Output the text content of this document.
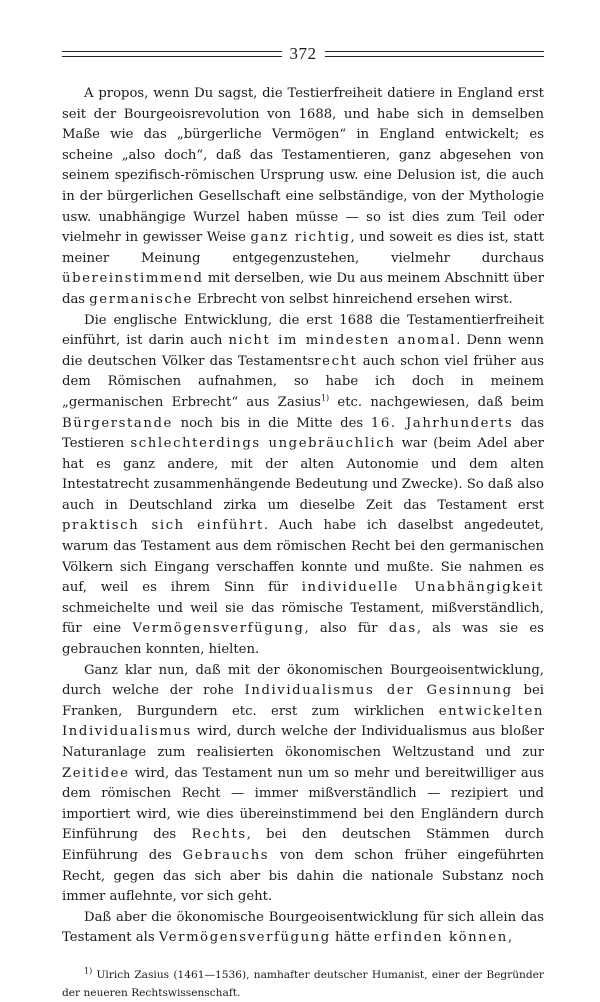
372

A propos, wenn Du sagst, die Testierfreiheit datiere in England erst seit der Bourgeoisrevolution von 1688, und habe sich in demselben Maße wie das „bürgerliche Vermögen“ in England entwickelt; es scheine „also doch“, daß das Testamentieren, ganz abgesehen von seinem spezifisch-römischen Ursprung usw. eine Delusion ist, die auch in der bürgerlichen Gesellschaft eine selbständige, von der Mythologie usw. unabhängige Wurzel haben müsse — so ist dies zum Teil oder vielmehr in gewisser Weise ganz richtig, und soweit es dies ist, statt meiner Meinung entgegenzustehen, vielmehr durchaus übereinstimmend mit derselben, wie Du aus meinem Abschnitt über das germanische Erbrecht von selbst hinreichend ersehen wirst.

Die englische Entwicklung, die erst 1688 die Testamentierfreiheit einführt, ist darin auch nicht im mindesten anomal. Denn wenn die deutschen Völker das Testamentsrecht auch schon viel früher aus dem Römischen aufnahmen, so habe ich doch in meinem „germanischen Erbrecht“ aus Zasius$^{1)}$ etc. nachgewiesen, daß beim Bürgerstande noch bis in die Mitte des 16. Jahrhunderts das Testieren schlechterdings ungebräuchlich war (beim Adel aber hat es ganz andere, mit der alten Autonomie und dem alten Intestatrecht zusammenhängende Bedeutung und Zwecke). So daß also auch in Deutschland zirka um dieselbe Zeit das Testament erst praktisch sich einführt. Auch habe ich daselbst angedeutet, warum das Testament aus dem römischen Recht bei den germanischen Völkern sich Eingang verschaffen konnte und mußte. Sie nahmen es auf, weil es ihrem Sinn für individuelle Unabhängigkeit schmeichelte und weil sie das römische Testament, mißverständlich, für eine Vermögensverfügung, also für das, als was sie es gebrauchen konnten, hielten.

Ganz klar nun, daß mit der ökonomischen Bourgeoisentwicklung, durch welche der rohe Individualismus der Gesinnung bei Franken, Burgundern etc. erst zum wirklichen entwickelten Individualismus wird, durch welche der Individualismus aus bloßer Naturanlage zum realisierten ökonomischen Weltzustand und zur Zeitidee wird, das Testament nun um so mehr und bereitwilliger aus dem römischen Recht — immer mißverständlich — rezipiert und importiert wird, wie dies übereinstimmend bei den Engländern durch Einführung des Rechts, bei den deutschen Stämmen durch Einführung des Gebrauchs von dem schon früher eingeführten Recht, gegen das sich aber bis dahin die nationale Substanz noch immer auflehnte, vor sich geht.

Daß aber die ökonomische Bourgeoisentwicklung für sich allein das Testament als Vermögensverfügung hätte erfinden können,

$^{1)}$ Ulrich Zasius (1461—1536), namhafter deutscher Humanist, einer der Begründer der neueren Rechtswissenschaft.
